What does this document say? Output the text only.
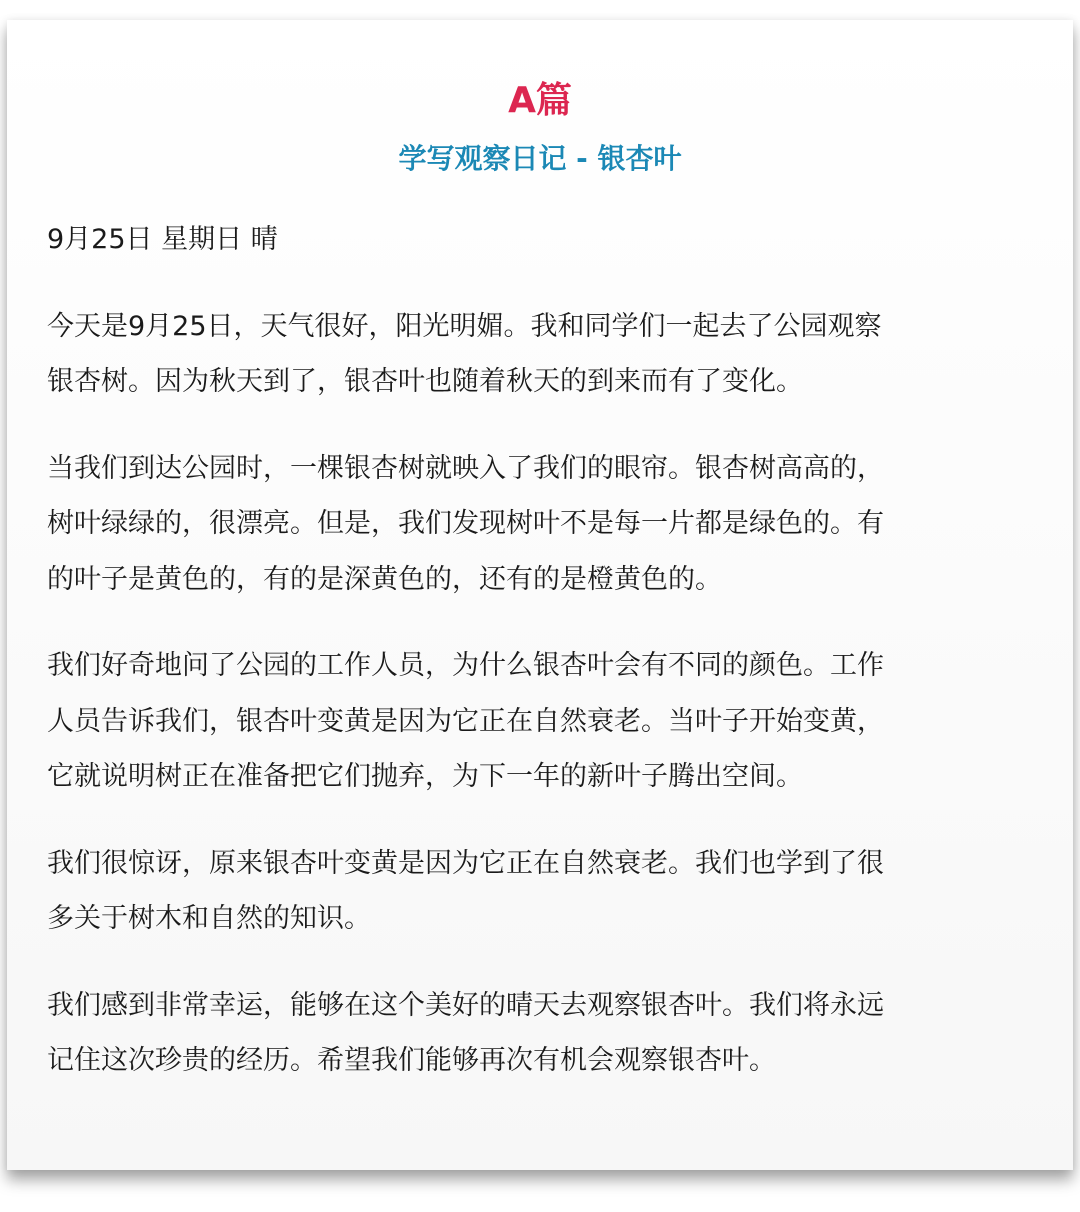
A篇
学写观察日记 - 银杏叶
9月25日 星期日 晴
今天是9月25日，天气很好，阳光明媚。我和同学们一起去了公园观察
银杏树。因为秋天到了，银杏叶也随着秋天的到来而有了变化。
当我们到达公园时，一棵银杏树就映入了我们的眼帘。银杏树高高的，
树叶绿绿的，很漂亮。但是，我们发现树叶不是每一片都是绿色的。有
的叶子是黄色的，有的是深黄色的，还有的是橙黄色的。
我们好奇地问了公园的工作人员，为什么银杏叶会有不同的颜色。工作
人员告诉我们，银杏叶变黄是因为它正在自然衰老。当叶子开始变黄，
它就说明树正在准备把它们抛弃，为下一年的新叶子腾出空间。
我们很惊讶，原来银杏叶变黄是因为它正在自然衰老。我们也学到了很
多关于树木和自然的知识。
我们感到非常幸运，能够在这个美好的晴天去观察银杏叶。我们将永远
记住这次珍贵的经历。希望我们能够再次有机会观察银杏叶。
